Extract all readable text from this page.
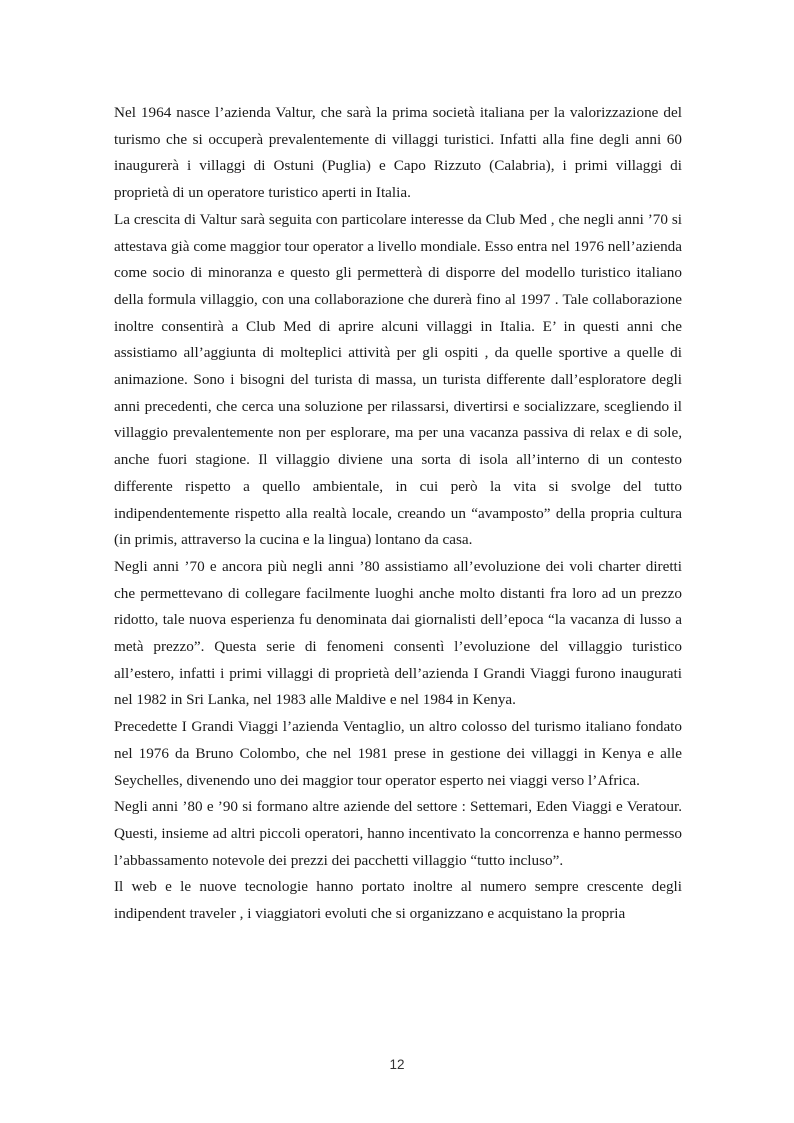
Nel 1964 nasce l’azienda Valtur, che sarà la prima società italiana per la valorizzazione del turismo che si occuperà prevalentemente di villaggi turistici. Infatti alla fine degli anni 60 inaugurerà i villaggi di Ostuni (Puglia) e Capo Rizzuto (Calabria), i primi villaggi di proprietà di un operatore turistico aperti in Italia.

La crescita di Valtur sarà seguita con particolare interesse da Club Med , che negli anni ’70 si attestava già come maggior tour operator a livello mondiale. Esso entra nel 1976 nell’azienda come socio di minoranza e questo gli permetterà di disporre del modello turistico italiano della formula villaggio, con una collaborazione che durerà fino al 1997 . Tale collaborazione inoltre consentirà a Club Med di aprire alcuni villaggi in Italia. E’ in questi anni che assistiamo all’aggiunta di molteplici attività per gli ospiti , da quelle sportive a quelle di animazione. Sono i bisogni del turista di massa, un turista differente dall’esploratore degli anni precedenti, che cerca una soluzione per rilassarsi, divertirsi e socializzare, scegliendo il villaggio prevalentemente non per esplorare, ma per una vacanza passiva di relax e di sole, anche fuori stagione. Il villaggio diviene una sorta di isola all’interno di un contesto differente rispetto a quello ambientale, in cui però la vita si svolge del tutto indipendentemente rispetto alla realtà locale, creando un “avamposto” della propria cultura (in primis, attraverso la cucina e la lingua) lontano da casa.

Negli anni ’70 e ancora più negli anni ’80 assistiamo all’evoluzione dei voli charter diretti che permettevano di collegare facilmente luoghi anche molto distanti fra loro ad un prezzo ridotto, tale nuova esperienza fu denominata dai giornalisti dell’epoca “la vacanza di lusso a metà prezzo”. Questa serie di fenomeni consentì l’evoluzione del villaggio turistico all’estero, infatti i primi villaggi di proprietà dell’azienda I Grandi Viaggi furono inaugurati nel 1982 in Sri Lanka, nel 1983 alle Maldive e nel 1984 in Kenya.

Precedette I Grandi Viaggi l’azienda Ventaglio, un altro colosso del turismo italiano fondato nel 1976 da Bruno Colombo, che nel 1981 prese in gestione dei villaggi in Kenya e alle Seychelles, divenendo uno dei maggior tour operator esperto nei viaggi verso l’Africa.

Negli anni ’80 e ’90 si formano altre aziende del settore : Settemari, Eden Viaggi e Veratour. Questi, insieme ad altri piccoli operatori, hanno incentivato la concorrenza e hanno permesso l’abbassamento notevole dei prezzi dei pacchetti villaggio “tutto incluso”.

Il web e le nuove tecnologie hanno portato inoltre al numero sempre crescente degli indipendent traveler , i viaggiatori evoluti che si organizzano e acquistano la propria

12
